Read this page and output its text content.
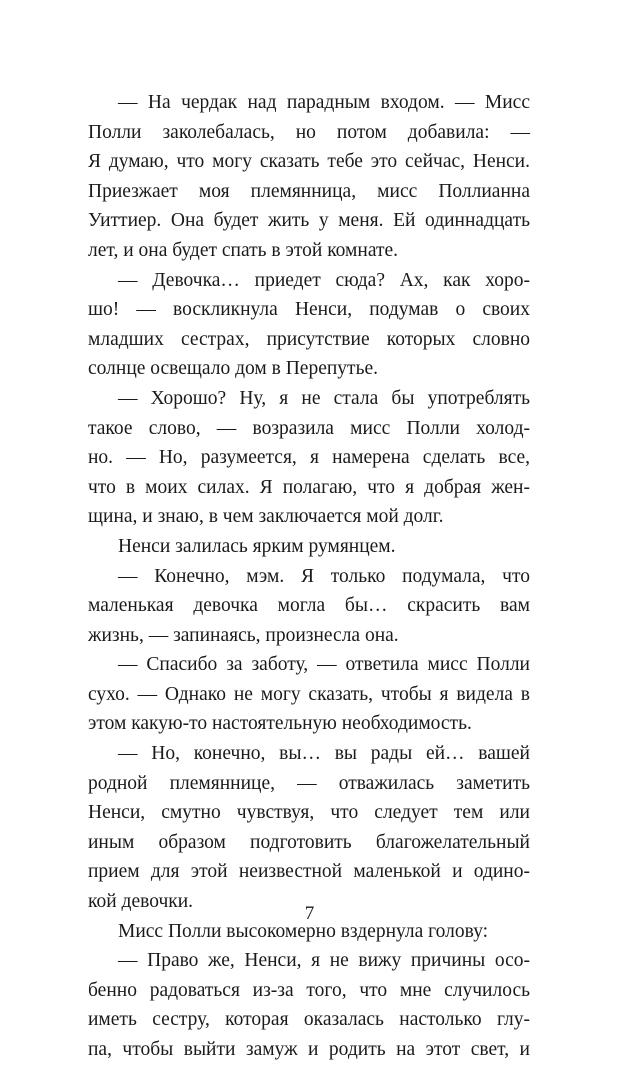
— На чердак над парадным входом. — Мисс
Полли заколебалась, но потом добавила: —
Я думаю, что могу сказать тебе это сейчас, Ненси.
Приезжает моя племянница, мисс Поллианна
Уиттиер. Она будет жить у меня. Ей одиннадцать
лет, и она будет спать в этой комнате.
— Девочка… приедет сюда? Ах, как хоро-
шо! — воскликнула Ненси, подумав о своих
младших сестрах, присутствие которых словно
солнце освещало дом в Перепутье.
— Хорошо? Ну, я не стала бы употреблять
такое слово, — возразила мисс Полли холод-
но. — Но, разумеется, я намерена сделать все,
что в моих силах. Я полагаю, что я добрая жен-
щина, и знаю, в чем заключается мой долг.
Ненси залилась ярким румянцем.
— Конечно, мэм. Я только подумала, что
маленькая девочка могла бы… скрасить вам
жизнь, — запинаясь, произнесла она.
— Спасибо за заботу, — ответила мисс Полли
сухо. — Однако не могу сказать, чтобы я видела в
этом какую-то настоятельную необходимость.
— Но, конечно, вы… вы рады ей… вашей
родной племяннице, — отважилась заметить
Ненси, смутно чувствуя, что следует тем или
иным образом подготовить благожелательный
прием для этой неизвестной маленькой и одино-
кой девочки.
Мисс Полли высокомерно вздернула голову:
— Право же, Ненси, я не вижу причины осо-
бенно радоваться из-за того, что мне случилось
иметь сестру, которая оказалась настолько глу-
па, чтобы выйти замуж и родить на этот свет, и
7
